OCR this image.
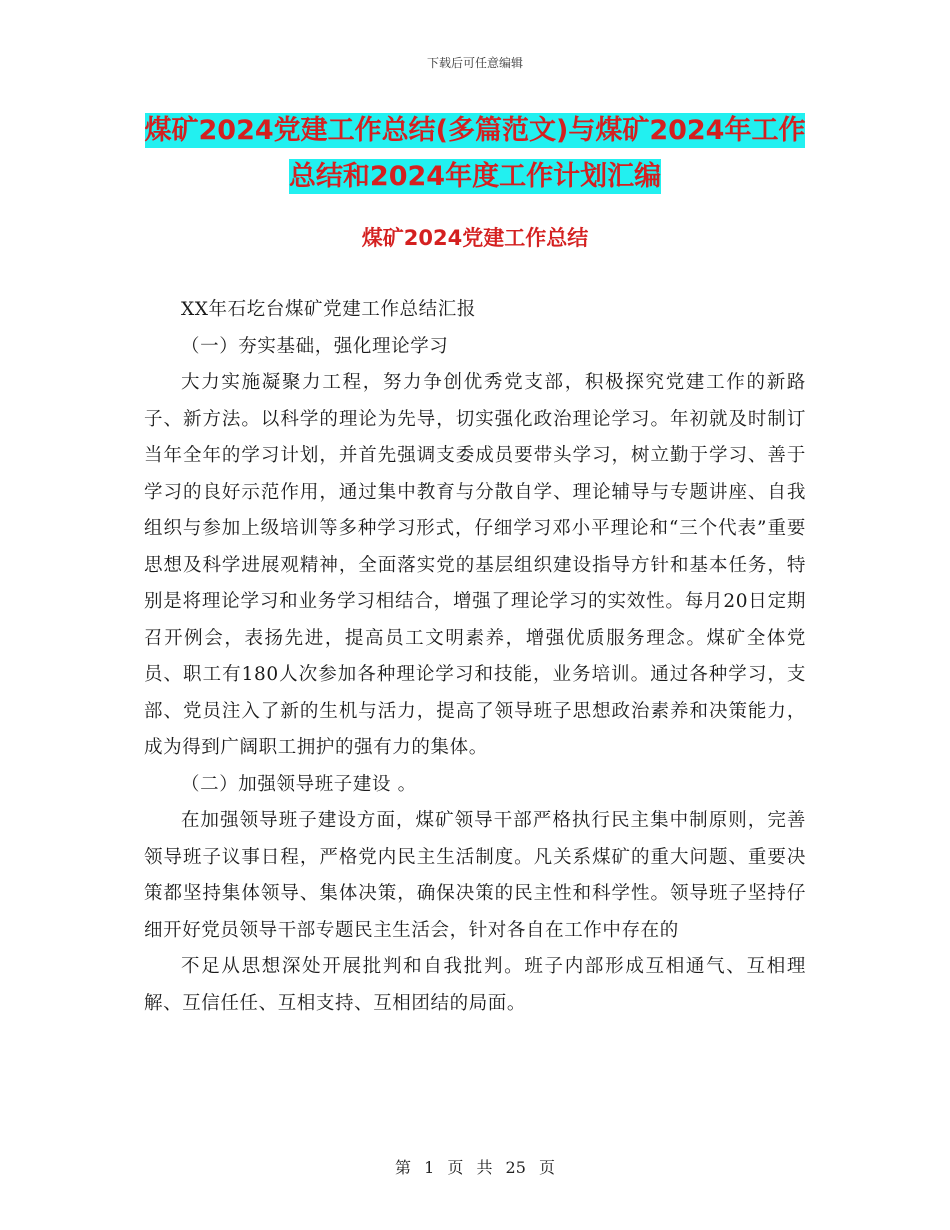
下载后可任意编辑
煤矿2024党建工作总结(多篇范文)与煤矿2024年工作总结和2024年度工作计划汇编
煤矿2024党建工作总结

XX年石圪台煤矿党建工作总结汇报

（一）夯实基础，强化理论学习

大力实施凝聚力工程，努力争创优秀党支部，积极探究党建工作的新路子、新方法。以科学的理论为先导，切实强化政治理论学习。年初就及时制订当年全年的学习计划，并首先强调支委成员要带头学习，树立勤于学习、善于学习的良好示范作用，通过集中教育与分散自学、理论辅导与专题讲座、自我组织与参加上级培训等多种学习形式，仔细学习邓小平理论和“三个代表”重要思想及科学进展观精神，全面落实党的基层组织建设指导方针和基本任务，特别是将理论学习和业务学习相结合，增强了理论学习的实效性。每月20日定期召开例会，表扬先进，提高员工文明素养，增强优质服务理念。煤矿全体党员、职工有180人次参加各种理论学习和技能，业务培训。通过各种学习，支部、党员注入了新的生机与活力，提高了领导班子思想政治素养和决策能力，成为得到广阔职工拥护的强有力的集体。

（二）加强领导班子建设 。

在加强领导班子建设方面，煤矿领导干部严格执行民主集中制原则，完善领导班子议事日程，严格党内民主生活制度。凡关系煤矿的重大问题、重要决策都坚持集体领导、集体决策，确保决策的民主性和科学性。领导班子坚持仔细开好党员领导干部专题民主生活会，针对各自在工作中存在的

不足从思想深处开展批判和自我批判。班子内部形成互相通气、互相理解、互信任任、互相支持、互相团结的局面。

第 1 页 共 25 页
